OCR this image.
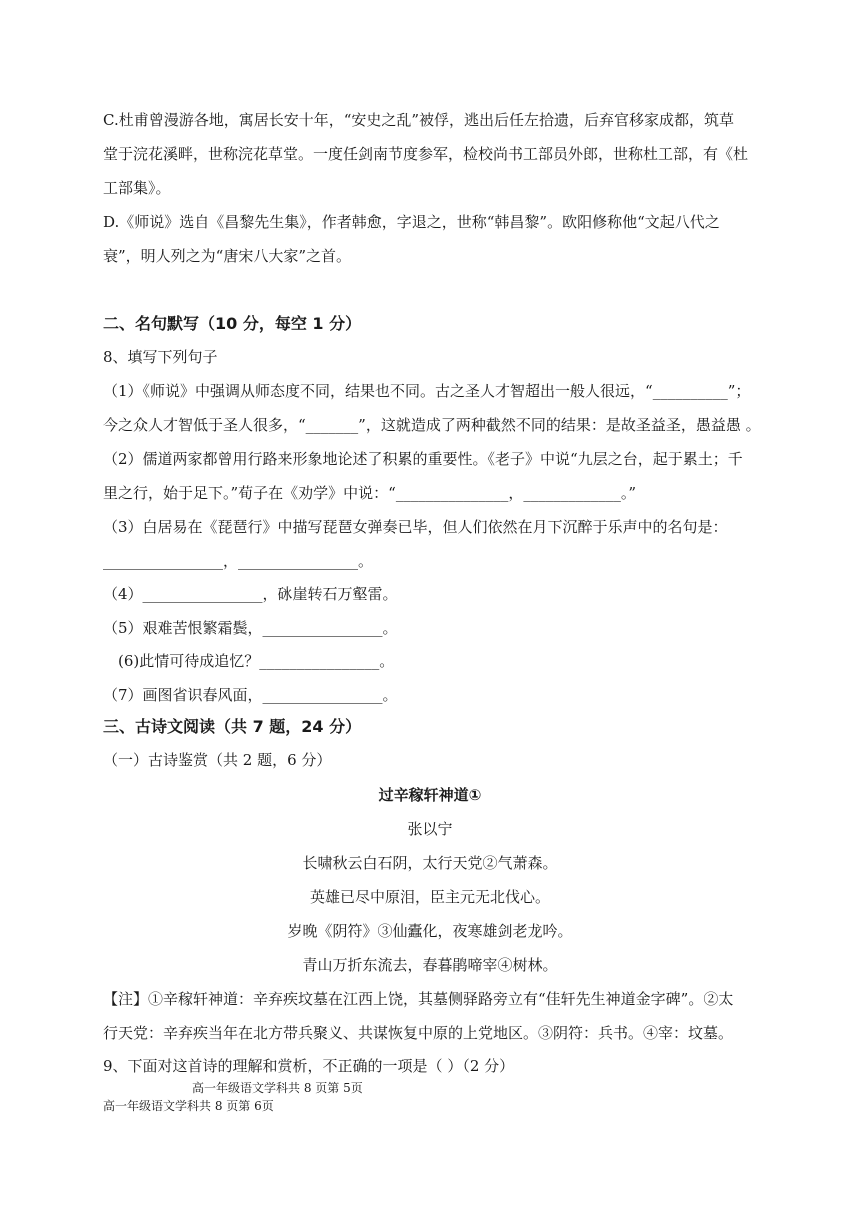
C.杜甫曾漫游各地，寓居长安十年，“安史之乱”被俘，逃出后任左拾遗，后弃官移家成都，筑草
堂于浣花溪畔，世称浣花草堂。一度任剑南节度参军，检校尚书工部员外郎，世称杜工部，有《杜
工部集》。
D.《师说》选自《昌黎先生集》，作者韩愈，字退之，世称“韩昌黎”。欧阳修称他“文起八代之
衰”，明人列之为“唐宋八大家”之首。
二、名句默写（10 分，每空 1 分）
8、填写下列句子
（1）《师说》中强调从师态度不同，结果也不同。古之圣人才智超出一般人很远，“__________”；
今之众人才智低于圣人很多，“_______”，这就造成了两种截然不同的结果：是故圣益圣，愚益愚 。
（2）儒道两家都曾用行路来形象地论述了积累的重要性。《老子》中说“九层之台，起于累土；千
里之行，始于足下。”荀子在《劝学》中说：“_______________，_____________。”
（3）白居易在《琵琶行》中描写琵琶女弹奏已毕，但人们依然在月下沉醉于乐声中的名句是：
________________，________________。
（4）________________，砯崖转石万壑雷。
（5）艰难苦恨繁霜鬓，________________。
(6)此情可待成追忆？________________。
（7）画图省识春风面，________________。
三、古诗文阅读（共 7 题，24 分）
（一）古诗鉴赏（共 2 题，6 分）
过辛稼轩神道①
张以宁
长啸秋云白石阴，太行天党②气萧森。
英雄已尽中原泪，臣主元无北伐心。
岁晚《阴符》③仙蠹化，夜寒雄剑老龙吟。
青山万折东流去，春暮鹃啼宰④树林。
【注】①辛稼轩神道：辛弃疾坟墓在江西上饶，其墓侧驿路旁立有“佳轩先生神道金字碑”。②太
行天党：辛弃疾当年在北方带兵聚义、共谋恢复中原的上党地区。③阴符：兵书。④宰：坟墓。
9、下面对这首诗的理解和赏析，不正确的一项是（ ）（2 分）
高一年级语文学科共 8 页第 5页
高一年级语文学科共 8 页第 6页
